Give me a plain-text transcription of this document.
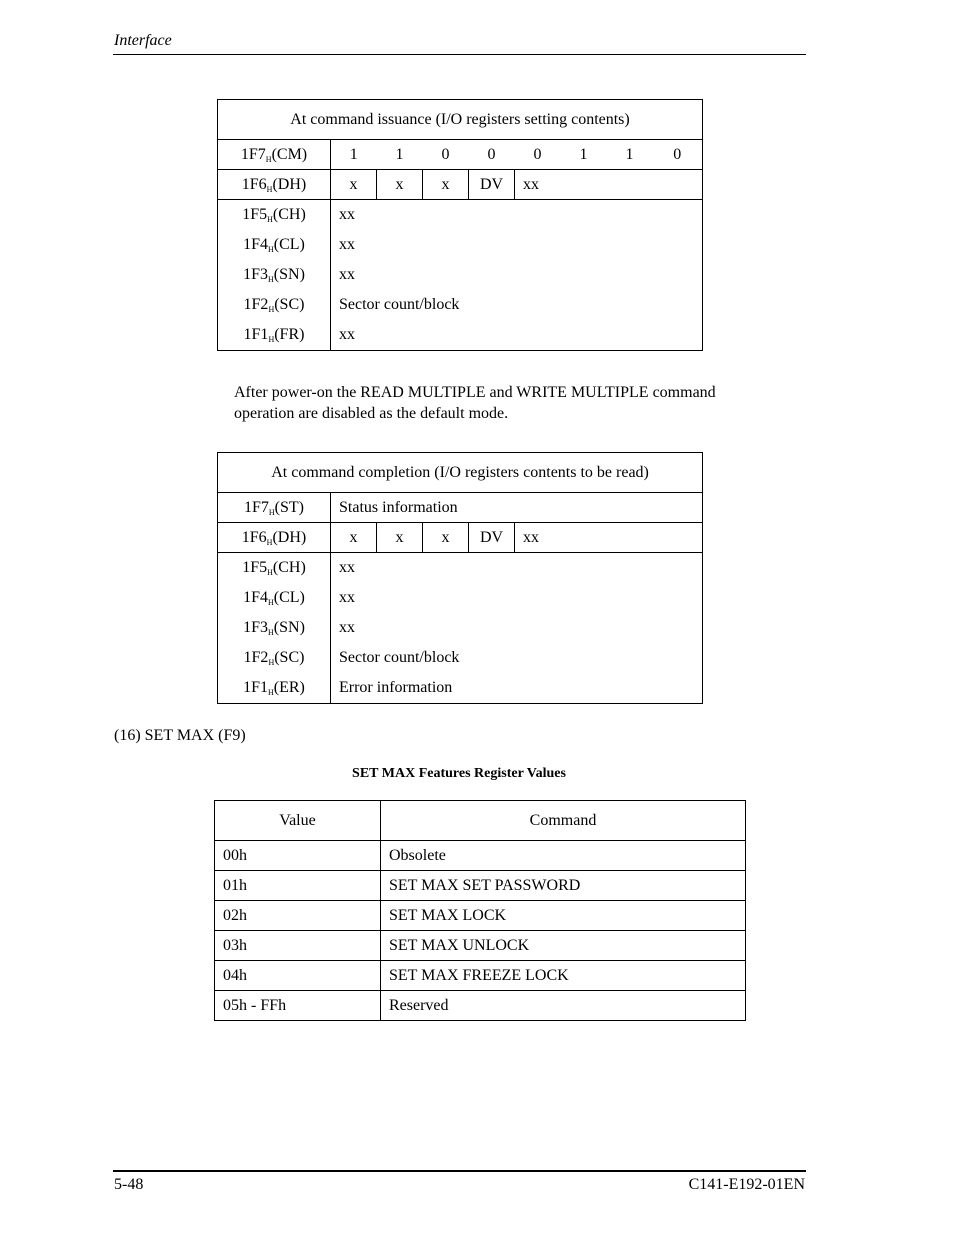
Interface
At command issuance (I/O registers setting contents)								
$1F7_H(CM)$	1	1	0	0	0	1	1	0
$1F6_H(DH)$	x	x	x	DV	xx			
$1F5_H(CH)$	xx							
$1F4_H(CL)$	xx							
$1F3_H(SN)$	xx							
$1F2_H(SC)$	Sector count/block							
$1F1_H(FR)$	xx							
After power-on the READ MULTIPLE and WRITE MULTIPLE command
operation are disabled as the default mode.
At command completion (I/O registers contents to be read)					
$1F7_H(ST)$	Status information				
$1F6_H(DH)$	x	x	x	DV	xx
$1F5_H(CH)$	xx				
$1F4_H(CL)$	xx				
$1F3_H(SN)$	xx				
$1F2_H(SC)$	Sector count/block				
$1F1_H(ER)$	Error information				
(16) SET MAX (F9)
SET MAX Features Register Values
Value	Command
00h	Obsolete
01h	SET MAX SET PASSWORD
02h	SET MAX LOCK
03h	SET MAX UNLOCK
04h	SET MAX FREEZE LOCK
05h - FFh	Reserved
5-48	C141-E192-01EN
